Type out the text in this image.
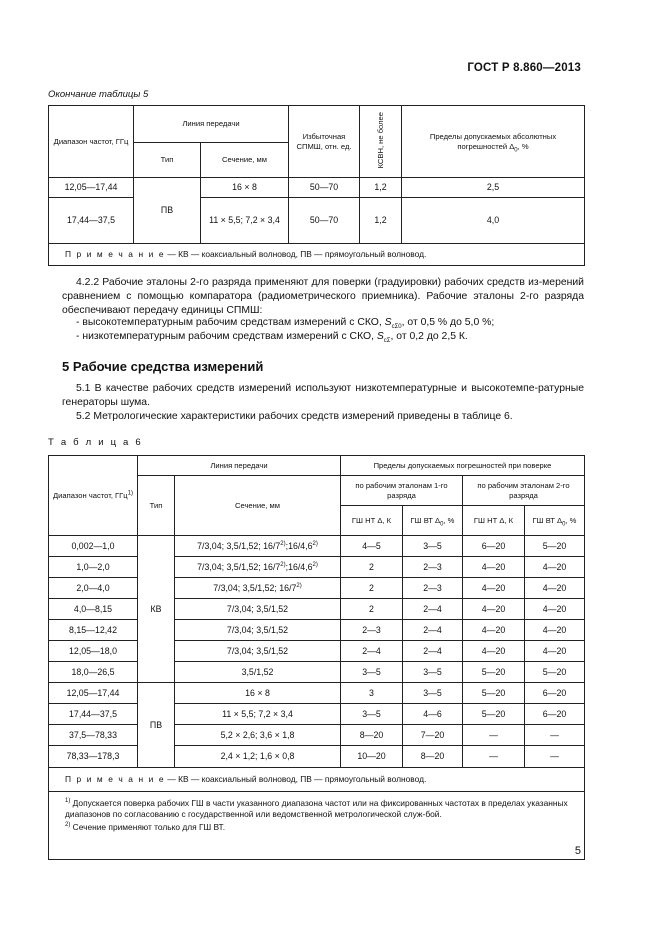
ГОСТ Р 8.860—2013
Окончание таблицы 5
Диапазон частот, ГГц	Линия передачи		Избыточная СПМШ, отн. ед.	КСВН, не более	Пределы допускаемых абсолютных погрешностей $\Delta_0$, %
	Тип	Сечение, мм			
12,05—17,44	ПВ	16 × 8	50—70	1,2	2,5
17,44—37,5		11 × 5,5; 7,2 × 3,4	50—70	1,2	4,0
П р и м е ч а н и е — КВ — коаксиальный волновод, ПВ — прямоугольный волновод.					
4.2.2 Рабочие эталоны 2-го разряда применяют для поверки (градуировки) рабочих средств из-мерений сравнением с помощью компаратора (радиометрического приемника). Рабочие эталоны 2-го разряда обеспечивают передачу единицы СПМШ:
- высокотемпературным рабочим средствам измерений с СКО, $S_{c\Sigma 0}$, от 0,5 % до 5,0 %;
- низкотемпературным рабочим средствам измерений с СКО, $S_{c\Sigma}$, от 0,2 до 2,5 К.
5 Рабочие средства измерений
5.1 В качестве рабочих средств измерений используют низкотемпературные и высокотемпе-ратурные генераторы шума.
5.2 Метрологические характеристики рабочих средств измерений приведены в таблице 6.
Т а б л и ц а 6
Диапазон частот, ГГц$^{1)}$	Линия передачи		Пределы допускаемых погрешностей при поверке			
	Тип	Сечение, мм	по рабочим эталонам 1-го разряда		по рабочим эталонам 2-го разряда	
			ГШ НТ Δ, К	ГШ ВТ $\Delta_0$, %	ГШ НТ Δ, К	ГШ ВТ $\Delta_0$, %
0,002—1,0	КВ	7/3,04; 3,5/1,52; 16/7$^{2)}$;16/4,6$^{2)}$	4—5	3—5	6—20	5—20
1,0—2,0		7/3,04; 3,5/1,52; 16/7$^{2)}$;16/4,6$^{2)}$	2	2—3	4—20	4—20
2,0—4,0		7/3,04; 3,5/1,52; 16/7$^{2)}$	2	2—3	4—20	4—20
4,0—8,15		7/3,04; 3,5/1,52	2	2—4	4—20	4—20
8,15—12,42		7/3,04; 3,5/1,52	2—3	2—4	4—20	4—20
12,05—18,0		7/3,04; 3,5/1,52	2—4	2—4	4—20	4—20
18,0—26,5		3,5/1,52	3—5	3—5	5—20	5—20
12,05—17,44	ПВ	16 × 8	3	3—5	5—20	6—20
17,44—37,5		11 × 5,5; 7,2 × 3,4	3—5	4—6	5—20	6—20
37,5—78,33		5,2 × 2,6; 3,6 × 1,8	8—20	7—20	—	—
78,33—178,3		2,4 × 1,2; 1,6 × 0,8	10—20	8—20	—	—
П р и м е ч а н и е — КВ — коаксиальный волновод, ПВ — прямоугольный волновод.						

$^{1)}$ Допускается поверка рабочих ГШ в части указанного диапазона частот или на фиксированных частотах в пределах указанных диапазонов по согласованию с государственной или ведомственной метрологической служ-бой.
$^{2)}$ Сечение применяют только для ГШ ВТ.						
5
